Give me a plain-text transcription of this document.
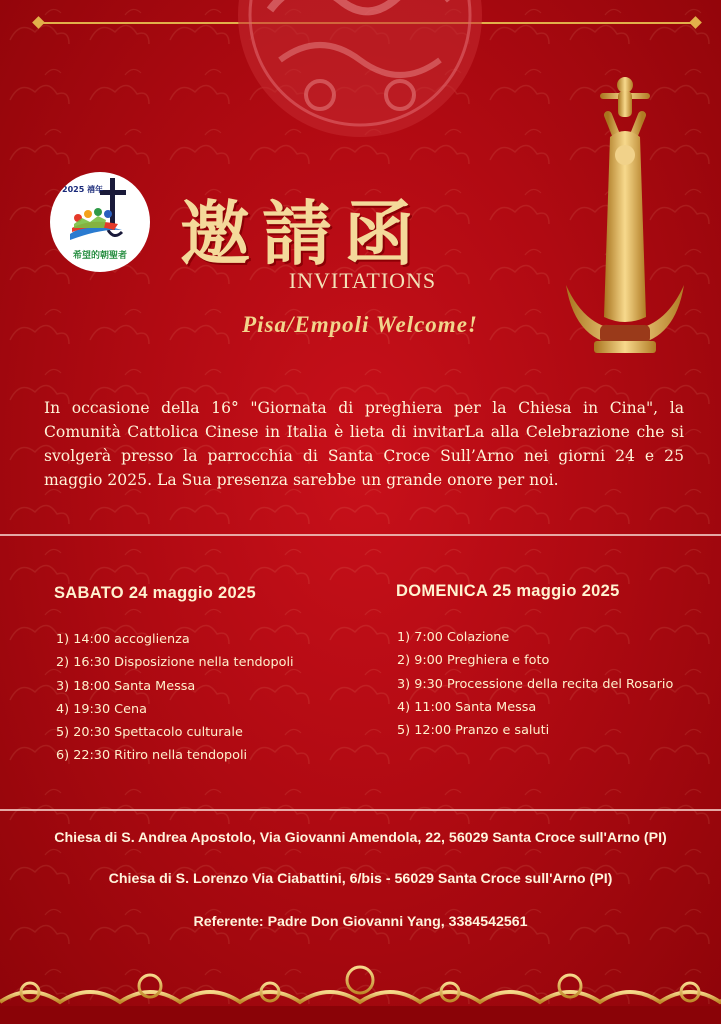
2025 禧年
希望的朝聖者 邀請函
INVITATIONS
Pisa/Empoli Welcome!

In occasione della 16° "Giornata di preghiera per la Chiesa in Cina", la Comunità Cattolica Cinese in Italia è lieta di invitarLa alla Celebrazione che si svolgerà presso la parrocchia di Santa Croce Sull’Arno nei giorni 24 e 25 maggio 2025. La Sua presenza sarebbe un grande onore per noi.

SABATO 24 maggio 2025
1) 14:00 accoglienza
2) 16:30 Disposizione nella tendopoli
3) 18:00 Santa Messa
4) 19:30 Cena
5) 20:30 Spettacolo culturale
6) 22:30 Ritiro nella tendopoli
DOMENICA 25 maggio 2025
1) 7:00 Colazione
2) 9:00 Preghiera e foto
3) 9:30 Processione della recita del Rosario
4) 11:00 Santa Messa
5) 12:00 Pranzo e saluti
Chiesa di S. Andrea Apostolo, Via Giovanni Amendola, 22, 56029 Santa Croce sull'Arno (PI)
Chiesa di S. Lorenzo Via Ciabattini, 6/bis - 56029 Santa Croce sull'Arno (PI)
Referente: Padre Don Giovanni Yang, 3384542561
